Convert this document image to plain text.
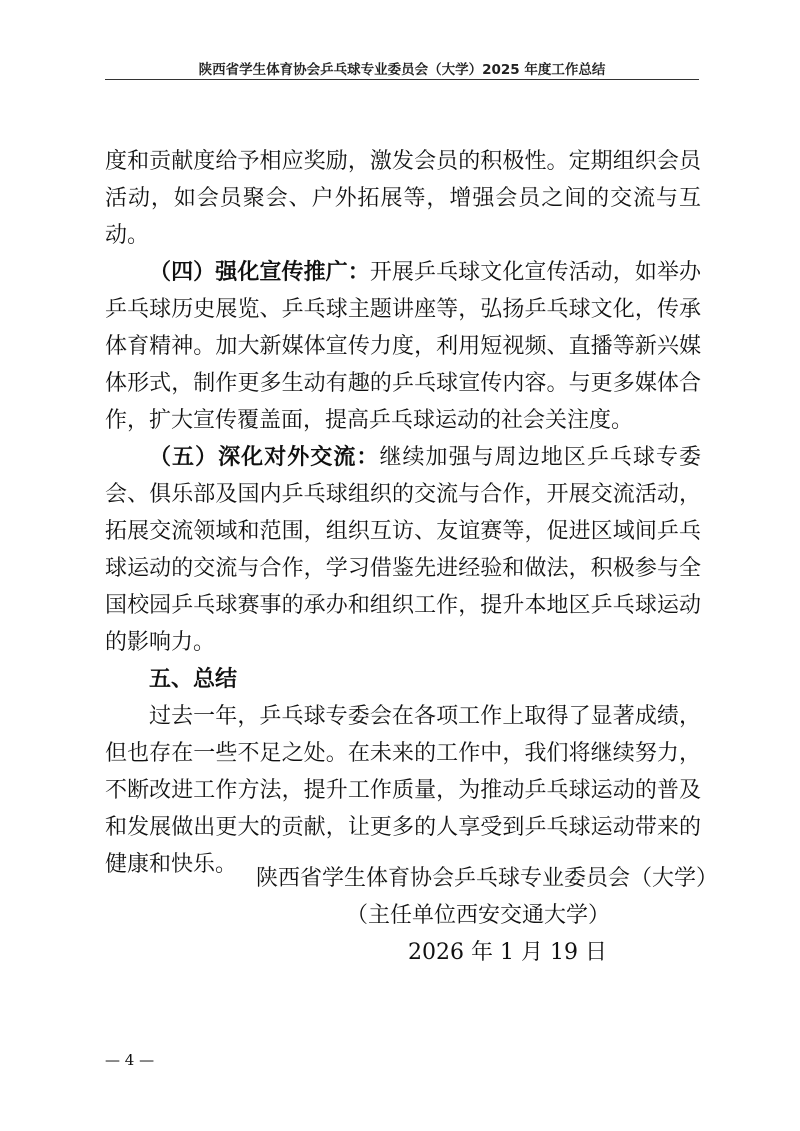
陕西省学生体育协会乒乓球专业委员会（大学）2025 年度工作总结

度和贡献度给予相应奖励，激发会员的积极性。定期组织会员活动，如会员聚会、户外拓展等，增强会员之间的交流与互动。

（四）强化宣传推广：开展乒乓球文化宣传活动，如举办乒乓球历史展览、乒乓球主题讲座等，弘扬乒乓球文化，传承体育精神。加大新媒体宣传力度，利用短视频、直播等新兴媒体形式，制作更多生动有趣的乒乓球宣传内容。与更多媒体合作，扩大宣传覆盖面，提高乒乓球运动的社会关注度。

（五）深化对外交流：继续加强与周边地区乒乓球专委会、俱乐部及国内乒乓球组织的交流与合作，开展交流活动，拓展交流领域和范围，组织互访、友谊赛等，促进区域间乒乓球运动的交流与合作，学习借鉴先进经验和做法，积极参与全国校园乒乓球赛事的承办和组织工作，提升本地区乒乓球运动的影响力。

五、总结

过去一年，乒乓球专委会在各项工作上取得了显著成绩，但也存在一些不足之处。在未来的工作中，我们将继续努力，不断改进工作方法，提升工作质量，为推动乒乓球运动的普及和发展做出更大的贡献，让更多的人享受到乒乓球运动带来的健康和快乐。

陕西省学生体育协会乒乓球专业委员会（大学）
（主任单位西安交通大学）
2026 年 1 月 19 日
— 4 —
